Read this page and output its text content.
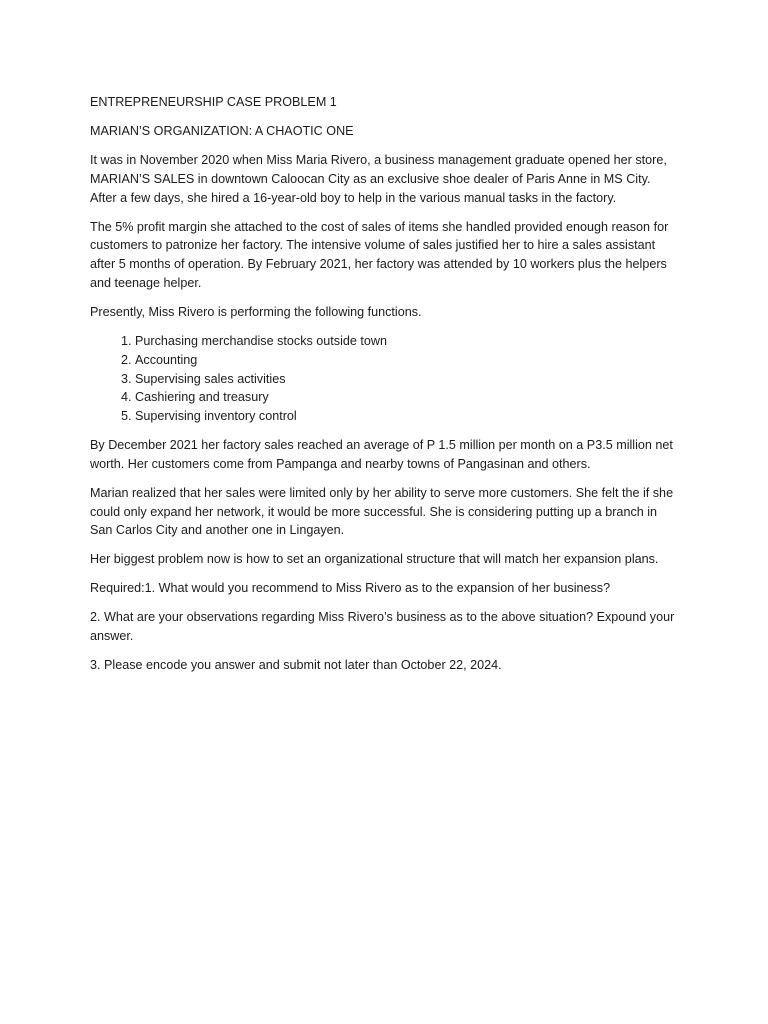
ENTREPRENEURSHIP CASE PROBLEM 1

MARIAN’S ORGANIZATION: A CHAOTIC ONE

It was in November 2020 when Miss Maria Rivero, a business management graduate opened her store, MARIAN’S SALES in downtown Caloocan City as an exclusive shoe dealer of Paris Anne in MS City. After a few days, she hired a 16-year-old boy to help in the various manual tasks in the factory.

The 5% profit margin she attached to the cost of sales of items she handled provided enough reason for customers to patronize her factory. The intensive volume of sales justified her to hire a sales assistant after 5 months of operation. By February 2021, her factory was attended by 10 workers plus the helpers and teenage helper.

Presently, Miss Rivero is performing the following functions.

1. Purchasing merchandise stocks outside town
2. Accounting
3. Supervising sales activities
4. Cashiering and treasury
5. Supervising inventory control

By December 2021 her factory sales reached an average of P 1.5 million per month on a P3.5 million net worth. Her customers come from Pampanga and nearby towns of Pangasinan and others.

Marian realized that her sales were limited only by her ability to serve more customers. She felt the if she could only expand her network, it would be more successful. She is considering putting up a branch in San Carlos City and another one in Lingayen.

Her biggest problem now is how to set an organizational structure that will match her expansion plans.

Required:1. What would you recommend to Miss Rivero as to the expansion of her business?

2. What are your observations regarding Miss Rivero’s business as to the above situation? Expound your answer.

3. Please encode you answer and submit not later than October 22, 2024.
